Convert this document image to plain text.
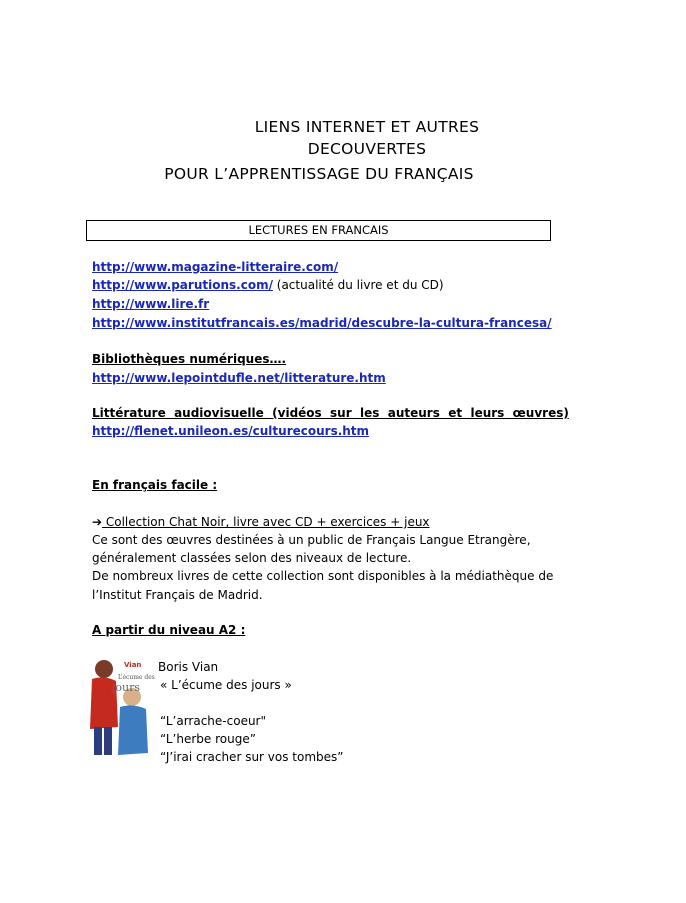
LIENS INTERNET ET AUTRES
DECOUVERTES
POUR L’APPRENTISSAGE DU FRANÇAIS
LECTURES EN FRANCAIS
http://www.magazine-litteraire.com/
http://www.parutions.com/ (actualité du livre et du CD)
http://www.lire.fr
http://www.institutfrancais.es/madrid/descubre-la-cultura-francesa/
Bibliothèques numériques….
http://www.lepointdufle.net/litterature.htm
Littérature  audiovisuelle  (vidéos  sur  les  auteurs  et  leurs  œuvres)
http://flenet.unileon.es/culturecours.htm
En français facile :
➔ Collection Chat Noir, livre avec CD + exercices + jeux
Ce sont des œuvres destinées à un public de Français Langue Etrangère,
généralement classées selon des niveaux de lecture.
De nombreux livres de cette collection sont disponibles à la médiathèque de
l’Institut Français de Madrid.
A partir du niveau A2 :
Vian
L’écume des
jours
Boris Vian
« L’écume des jours »
“L’arrache-coeur"
“L’herbe rouge”
“J’irai cracher sur vos tombes”
